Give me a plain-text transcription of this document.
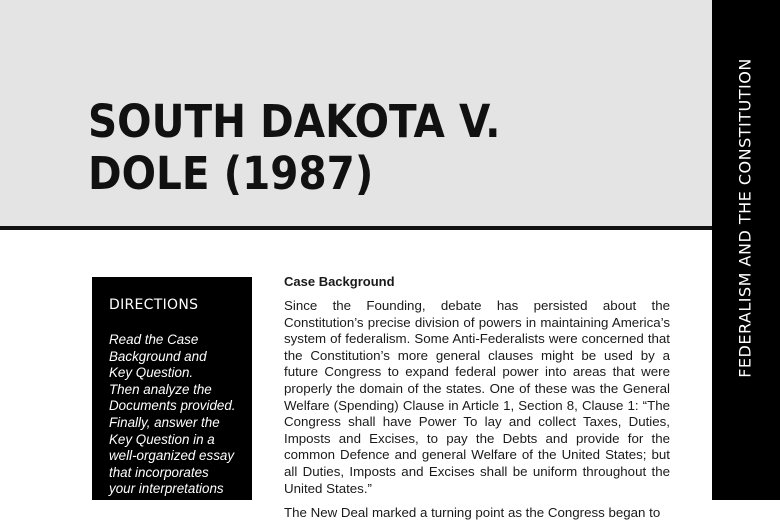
SOUTH DAKOTA V.
DOLE (1987)	FEDERALISM AND THE CONSTITUTION
DIRECTIONS
Read the Case
Background and
Key Question.
Then analyze the
Documents provided.
Finally, answer the
Key Question in a
well-organized essay
that incorporates
your interpretations
of the D...
Case Background

Since the Founding, debate has persisted about the Constitution’s precise division of powers in maintaining America’s system of federalism. Some Anti-Federalists were concerned that the Constitution’s more general clauses might be used by a future Congress to expand federal power into areas that were properly the domain of the states. One of these was the General Welfare (Spending) Clause in Article 1, Section 8, Clause 1: “The Congress shall have Power To lay and collect Taxes, Duties, Imposts and Excises, to pay the Debts and provide for the common Defence and general Welfare of the United States; but all Duties, Imposts and Excises shall be uniform throughout the United States.”

The New Deal marked a turning point as the Congress began to
